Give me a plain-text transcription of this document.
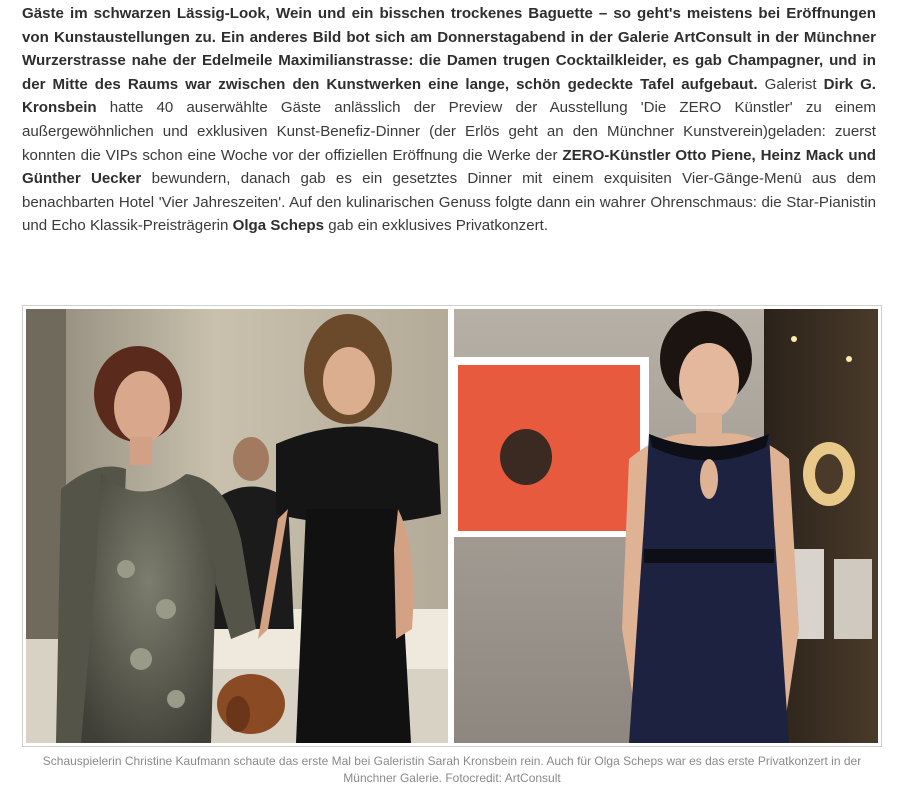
Gäste im schwarzen Lässig-Look, Wein und ein bisschen trockenes Baguette – so geht's meistens bei Eröffnungen von Kunstaustellungen zu. Ein anderes Bild bot sich am Donnerstagabend in der Galerie ArtConsult in der Münchner Wurzerstrasse nahe der Edelmeile Maximilianstrasse: die Damen trugen Cocktailkleider, es gab Champagner, und in der Mitte des Raums war zwischen den Kunstwerken eine lange, schön gedeckte Tafel aufgebaut. Galerist Dirk G. Kronsbein hatte 40 auserwählte Gäste anlässlich der Preview der Ausstellung 'Die ZERO Künstler' zu einem außergewöhnlichen und exklusiven Kunst-Benefiz-Dinner (der Erlös geht an den Münchner Kunstverein)geladen: zuerst konnten die VIPs schon eine Woche vor der offiziellen Eröffnung die Werke der ZERO-Künstler Otto Piene, Heinz Mack und Günther Uecker bewundern, danach gab es ein gesetztes Dinner mit einem exquisiten Vier-Gänge-Menü aus dem benachbarten Hotel 'Vier Jahreszeiten'. Auf den kulinarischen Genuss folgte dann ein wahrer Ohrenschmaus: die Star-Pianistin und Echo Klassik-Preisträgerin Olga Scheps gab ein exklusives Privatkonzert.

Schauspielerin Christine Kaufmann schaute das erste Mal bei Galeristin Sarah Kronsbein rein. Auch für Olga Scheps war es das erste Privatkonzert in der Münchner Galerie. Fotocredit: ArtConsult
